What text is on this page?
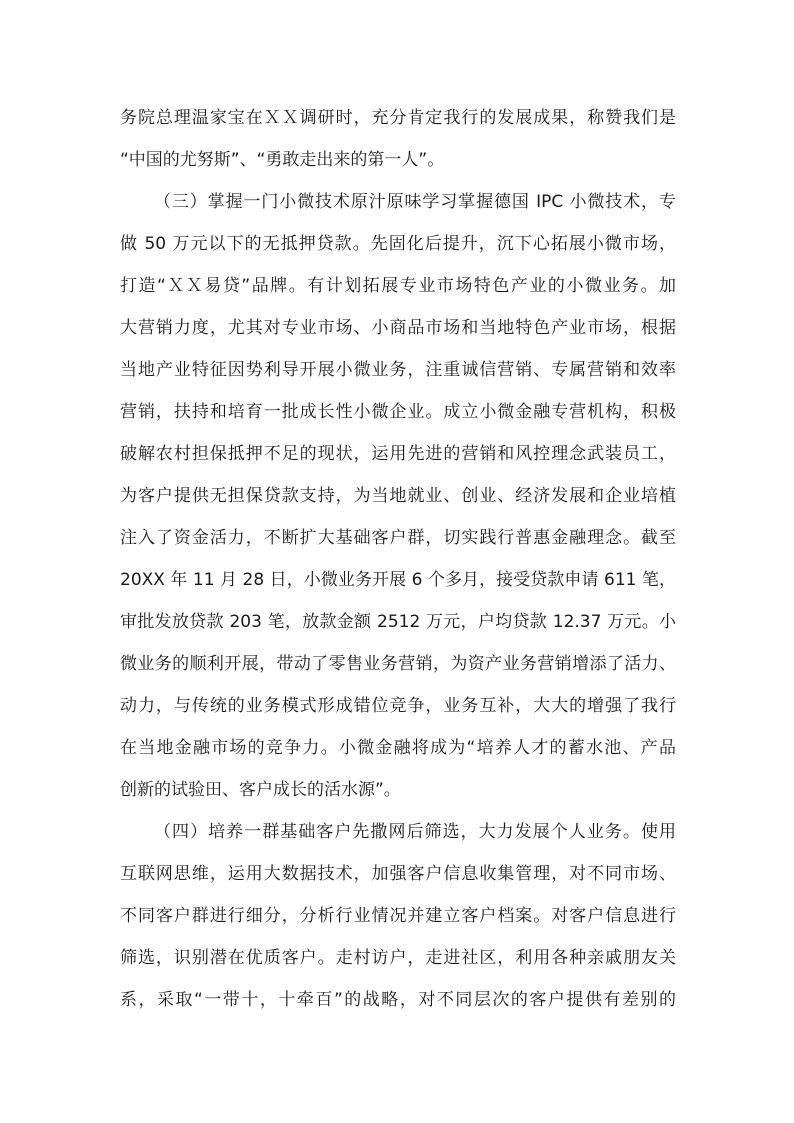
务院总理温家宝在ＸＸ调研时，充分肯定我行的发展成果，称赞我们是
“中国的尤努斯”、“勇敢走出来的第一人”。
（三）掌握一门小微技术原汁原味学习掌握德国 IPC 小微技术，专
做 50 万元以下的无抵押贷款。先固化后提升，沉下心拓展小微市场，
打造“ＸＸ易贷”品牌。有计划拓展专业市场特色产业的小微业务。加
大营销力度，尤其对专业市场、小商品市场和当地特色产业市场，根据
当地产业特征因势利导开展小微业务，注重诚信营销、专属营销和效率
营销，扶持和培育一批成长性小微企业。成立小微金融专营机构，积极
破解农村担保抵押不足的现状，运用先进的营销和风控理念武装员工，
为客户提供无担保贷款支持，为当地就业、创业、经济发展和企业培植
注入了资金活力，不断扩大基础客户群，切实践行普惠金融理念。截至
20XX 年 11 月 28 日，小微业务开展 6 个多月，接受贷款申请 611 笔，
审批发放贷款 203 笔，放款金额 2512 万元，户均贷款 12.37 万元。小
微业务的顺利开展，带动了零售业务营销，为资产业务营销增添了活力、
动力，与传统的业务模式形成错位竞争，业务互补，大大的增强了我行
在当地金融市场的竞争力。小微金融将成为“培养人才的蓄水池、产品
创新的试验田、客户成长的活水源”。
（四）培养一群基础客户先撒网后筛选，大力发展个人业务。使用
互联网思维，运用大数据技术，加强客户信息收集管理，对不同市场、
不同客户群进行细分，分析行业情况并建立客户档案。对客户信息进行
筛选，识别潜在优质客户。走村访户，走进社区，利用各种亲戚朋友关
系，采取“一带十，十牵百”的战略，对不同层次的客户提供有差别的
